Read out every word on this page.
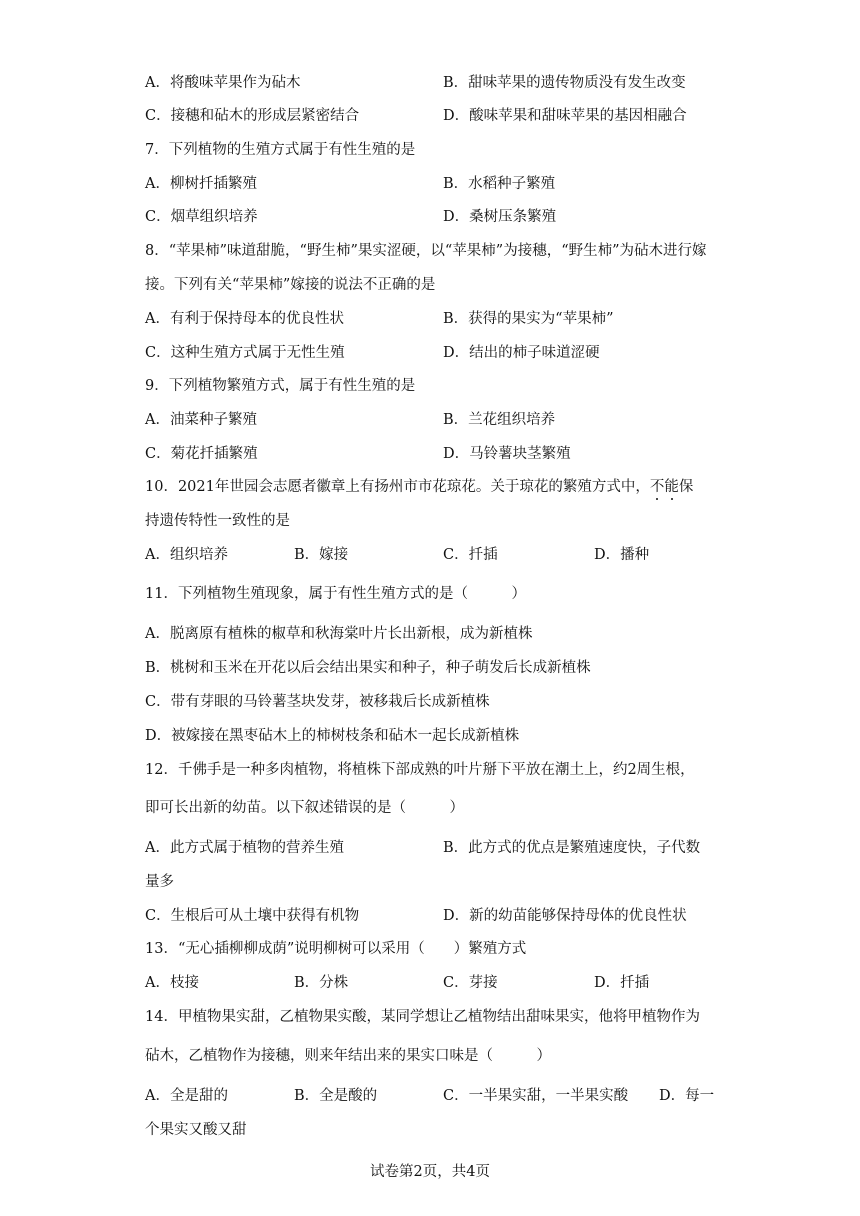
A．将酸味苹果作为砧木	B．甜味苹果的遗传物质没有发生改变
C．接穗和砧木的形成层紧密结合	D．酸味苹果和甜味苹果的基因相融合
7．下列植物的生殖方式属于有性生殖的是
A．柳树扦插繁殖	B．水稻种子繁殖
C．烟草组织培养	D．桑树压条繁殖
8．“苹果柿”味道甜脆，“野生柿”果实涩硬，以“苹果柿”为接穗，“野生柿”为砧木进行嫁
接。下列有关“苹果柿”嫁接的说法不正确的是
A．有利于保持母本的优良性状	B．获得的果实为“苹果柿”
C．这种生殖方式属于无性生殖	D．结出的柿子味道涩硬
9．下列植物繁殖方式，属于有性生殖的是
A．油菜种子繁殖	B．兰花组织培养
C．菊花扦插繁殖	D．马铃薯块茎繁殖
10．2021年世园会志愿者徽章上有扬州市市花琼花。关于琼花的繁殖方式中，不能保
持遗传特性一致性的是
A．组织培养	B．嫁接	C．扦插	D．播种
11．下列植物生殖现象，属于有性生殖方式的是（　　　）
A．脱离原有植株的椒草和秋海棠叶片长出新根，成为新植株
B．桃树和玉米在开花以后会结出果实和种子，种子萌发后长成新植株
C．带有芽眼的马铃薯茎块发芽，被移栽后长成新植株
D．被嫁接在黑枣砧木上的柿树枝条和砧木一起长成新植株
12．千佛手是一种多肉植物，将植株下部成熟的叶片掰下平放在潮土上，约2周生根，
即可长出新的幼苗。以下叙述错误的是（　　　）
A．此方式属于植物的营养生殖	B．此方式的优点是繁殖速度快，子代数
量多
C．生根后可从土壤中获得有机物	D．新的幼苗能够保持母体的优良性状
13．“无心插柳柳成荫”说明柳树可以采用（　　）繁殖方式
A．枝接	B．分株	C．芽接	D．扦插
14．甲植物果实甜，乙植物果实酸，某同学想让乙植物结出甜味果实，他将甲植物作为
砧木，乙植物作为接穗，则来年结出来的果实口味是（　　　）
A．全是甜的	B．全是酸的	C．一半果实甜，一半果实酸 D．每一
个果实又酸又甜
试卷第2页，共4页
